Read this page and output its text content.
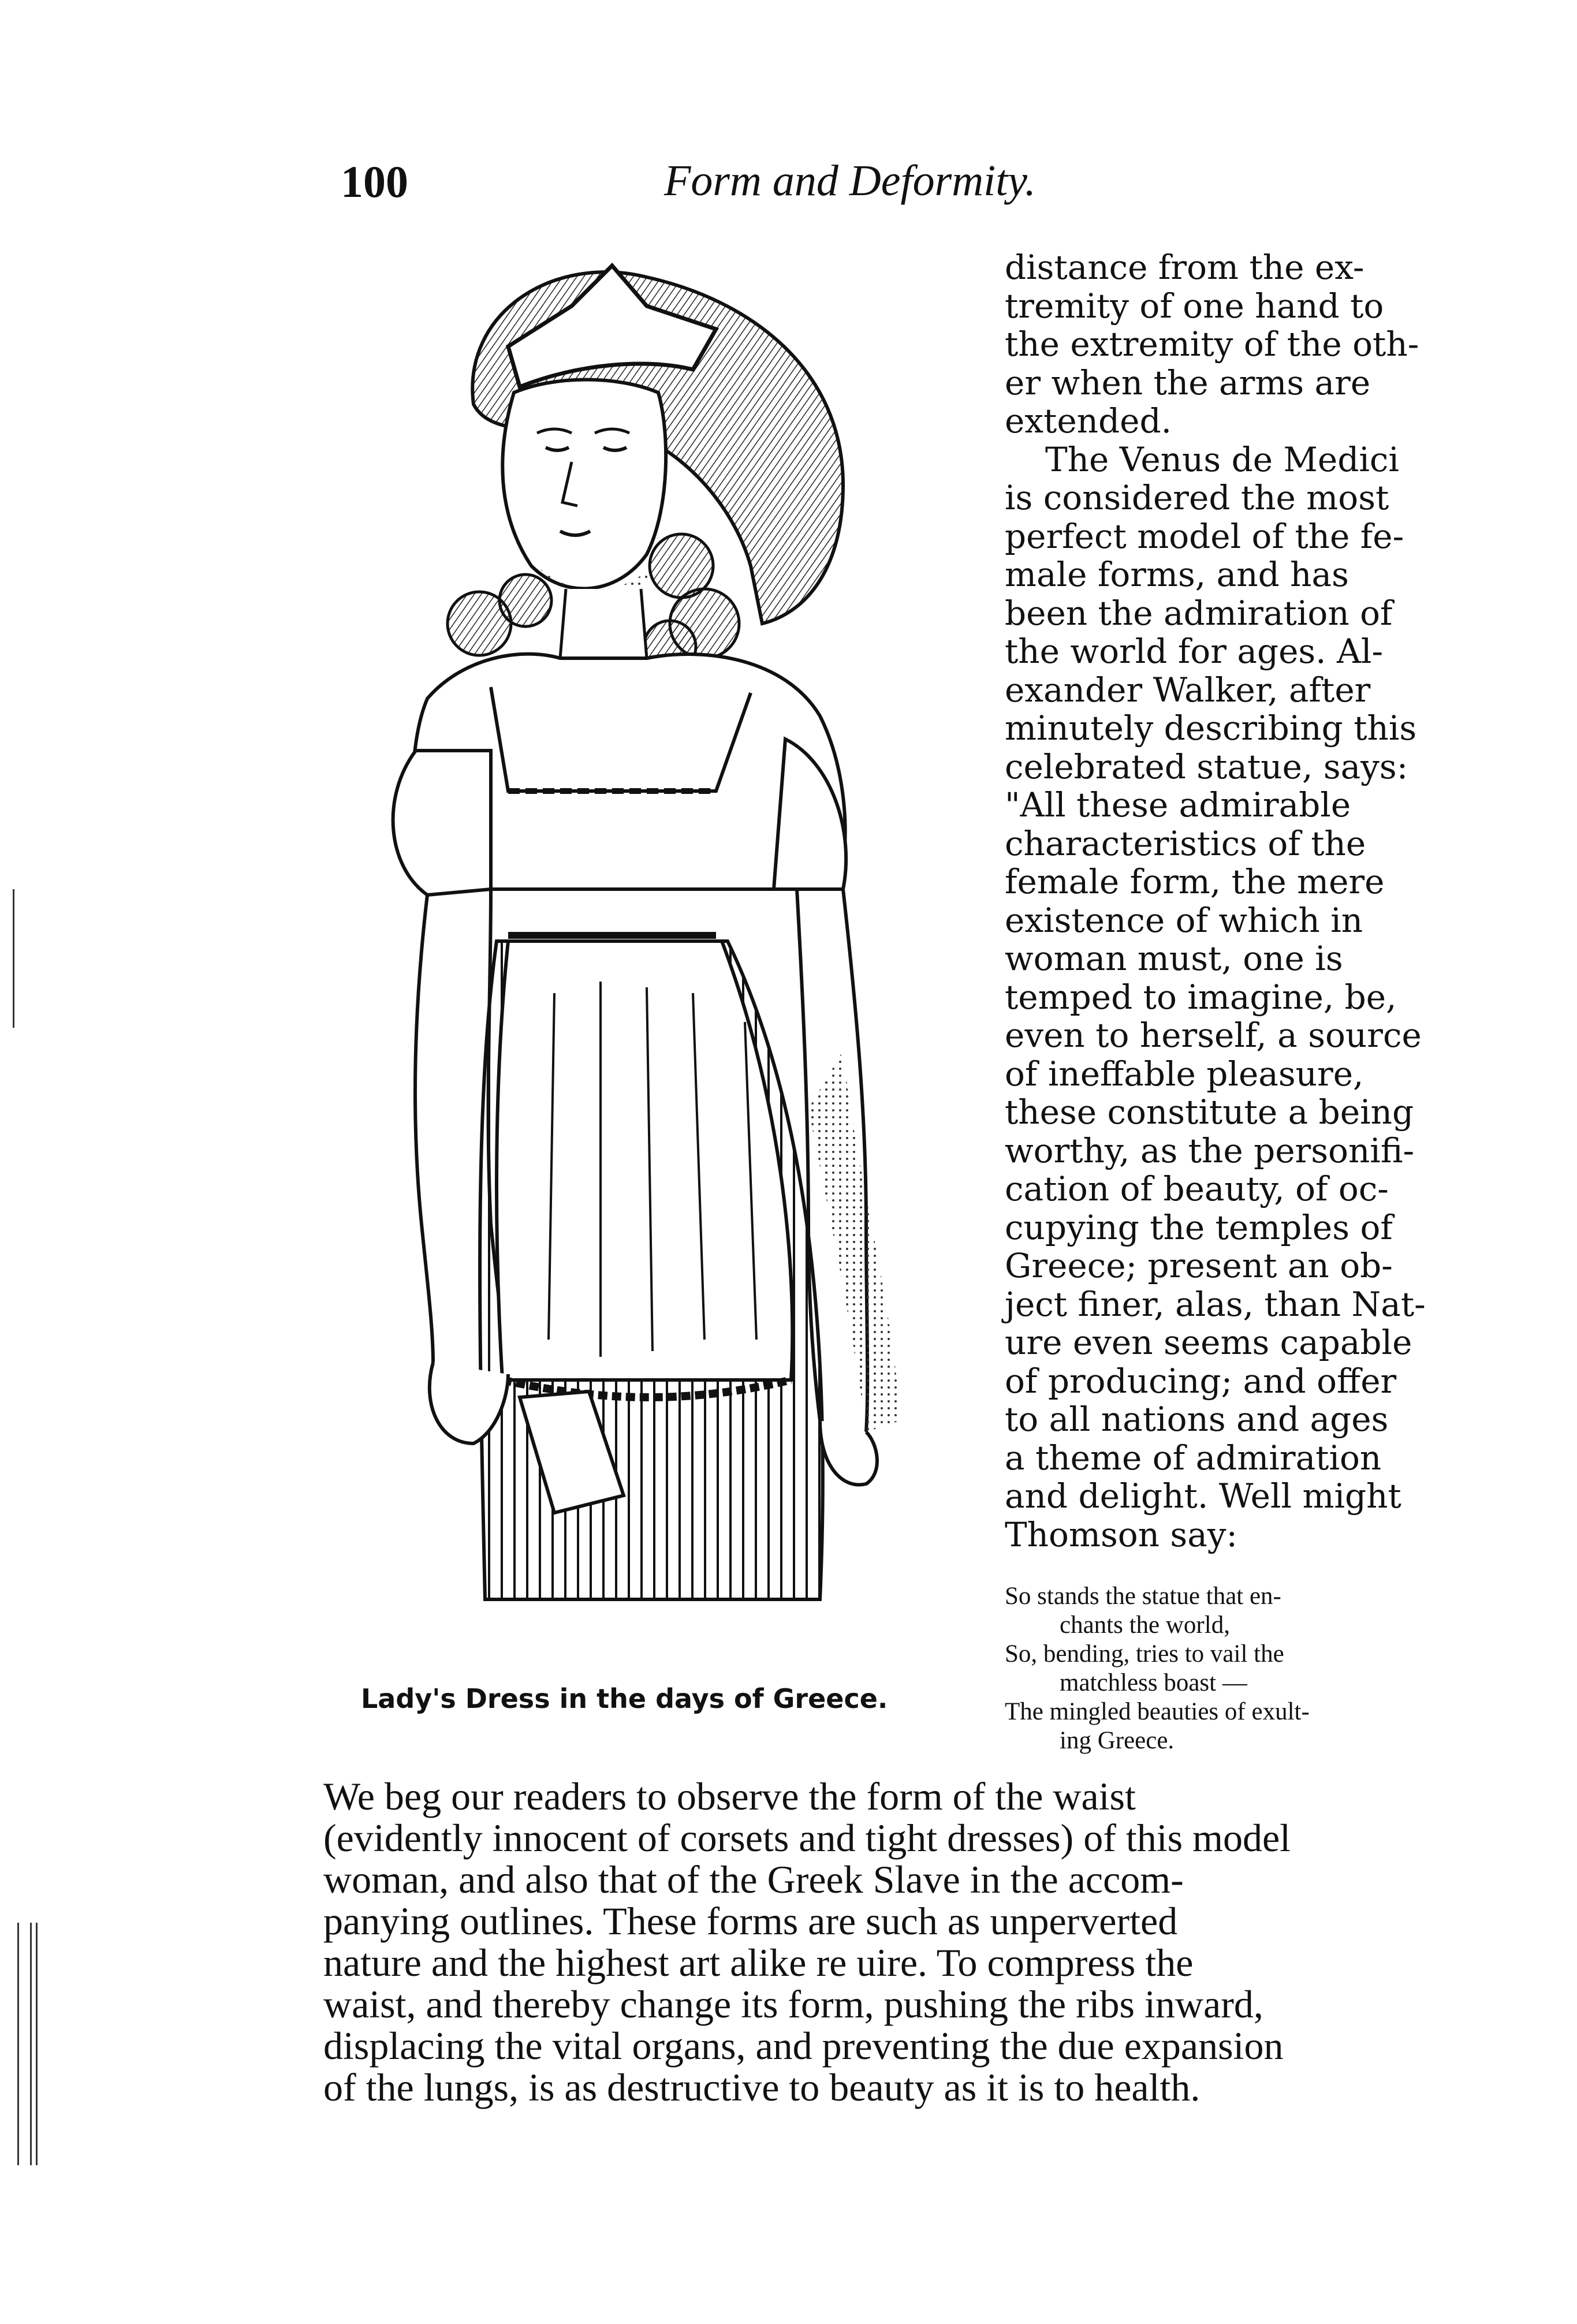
100	Form and Deformity.
Lady's Dress in the days of Greece.
distance from the ex-
tremity of one hand to
the extremity of the oth-
er when the arms are
extended.
The Venus de Medici
is considered the most
perfect model of the fe-
male forms, and has
been the admiration of
the world for ages. Al-
exander Walker, after
minutely describing this
celebrated statue, says:
"All these admirable
characteristics of the
female form, the mere
existence of which in
woman must, one is
temped to imagine, be,
even to herself, a source
of ineffable pleasure,
these constitute a being
worthy, as the personifi-
cation of beauty, of oc-
cupying the temples of
Greece; present an ob-
ject finer, alas, than Nat-
ure even seems capable
of producing; and offer
to all nations and ages
a theme of admiration
and delight. Well might
Thomson say:
So stands the statue that en-
chants the world,
So, bending, tries to vail the
matchless boast —
The mingled beauties of exult-
ing Greece.
We beg our readers to observe the form of the waist
(evidently innocent of corsets and tight dresses) of this model
woman, and also that of the Greek Slave in the accom-
panying outlines. These forms are such as unperverted
nature and the highest art alike re uire. To compress the
waist, and thereby change its form, pushing the ribs inward,
displacing the vital organs, and preventing the due expansion
of the lungs, is as destructive to beauty as it is to health.
